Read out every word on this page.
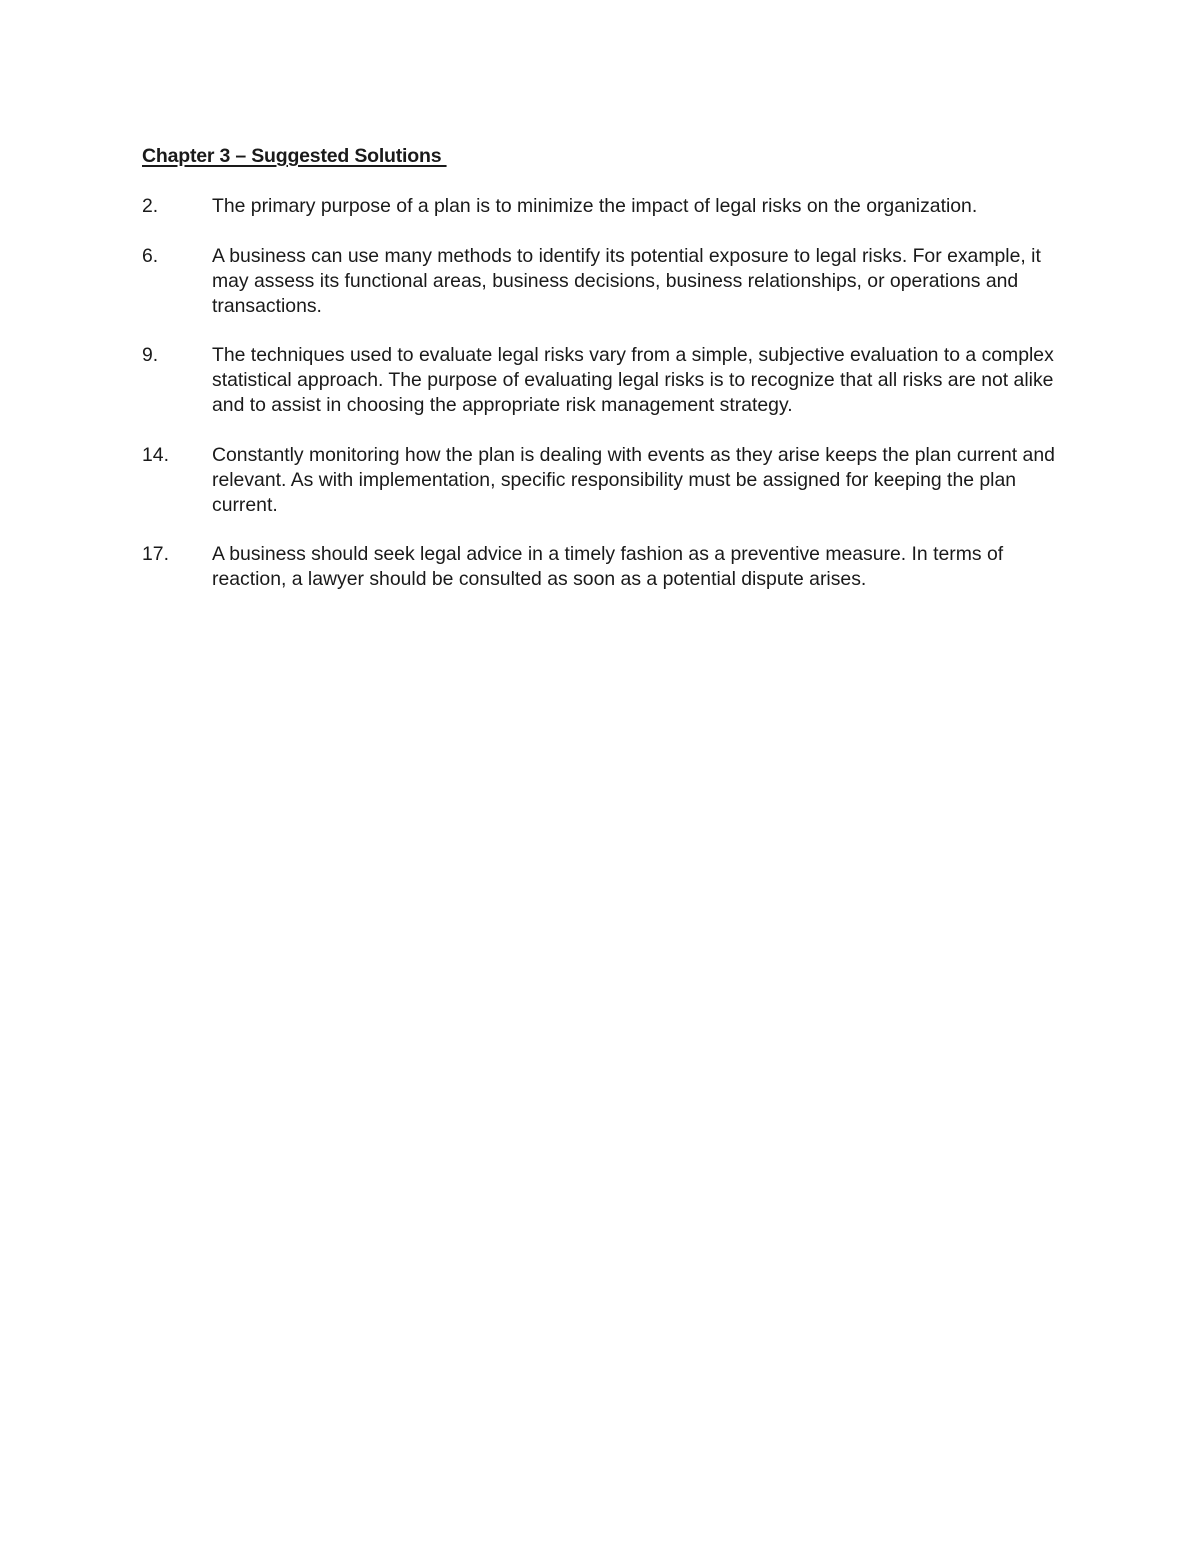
Chapter 3 – Suggested Solutions
2.	The primary purpose of a plan is to minimize the impact of legal risks on the organization.
6.	A business can use many methods to identify its potential exposure to legal risks. For example, it may assess its functional areas, business decisions, business relationships, or operations and transactions.
9.	The techniques used to evaluate legal risks vary from a simple, subjective evaluation to a complex statistical approach. The purpose of evaluating legal risks is to recognize that all risks are not alike and to assist in choosing the appropriate risk management strategy.
14.	Constantly monitoring how the plan is dealing with events as they arise keeps the plan current and relevant. As with implementation, specific responsibility must be assigned for keeping the plan current.
17.	A business should seek legal advice in a timely fashion as a preventive measure. In terms of reaction, a lawyer should be consulted as soon as a potential dispute arises.
